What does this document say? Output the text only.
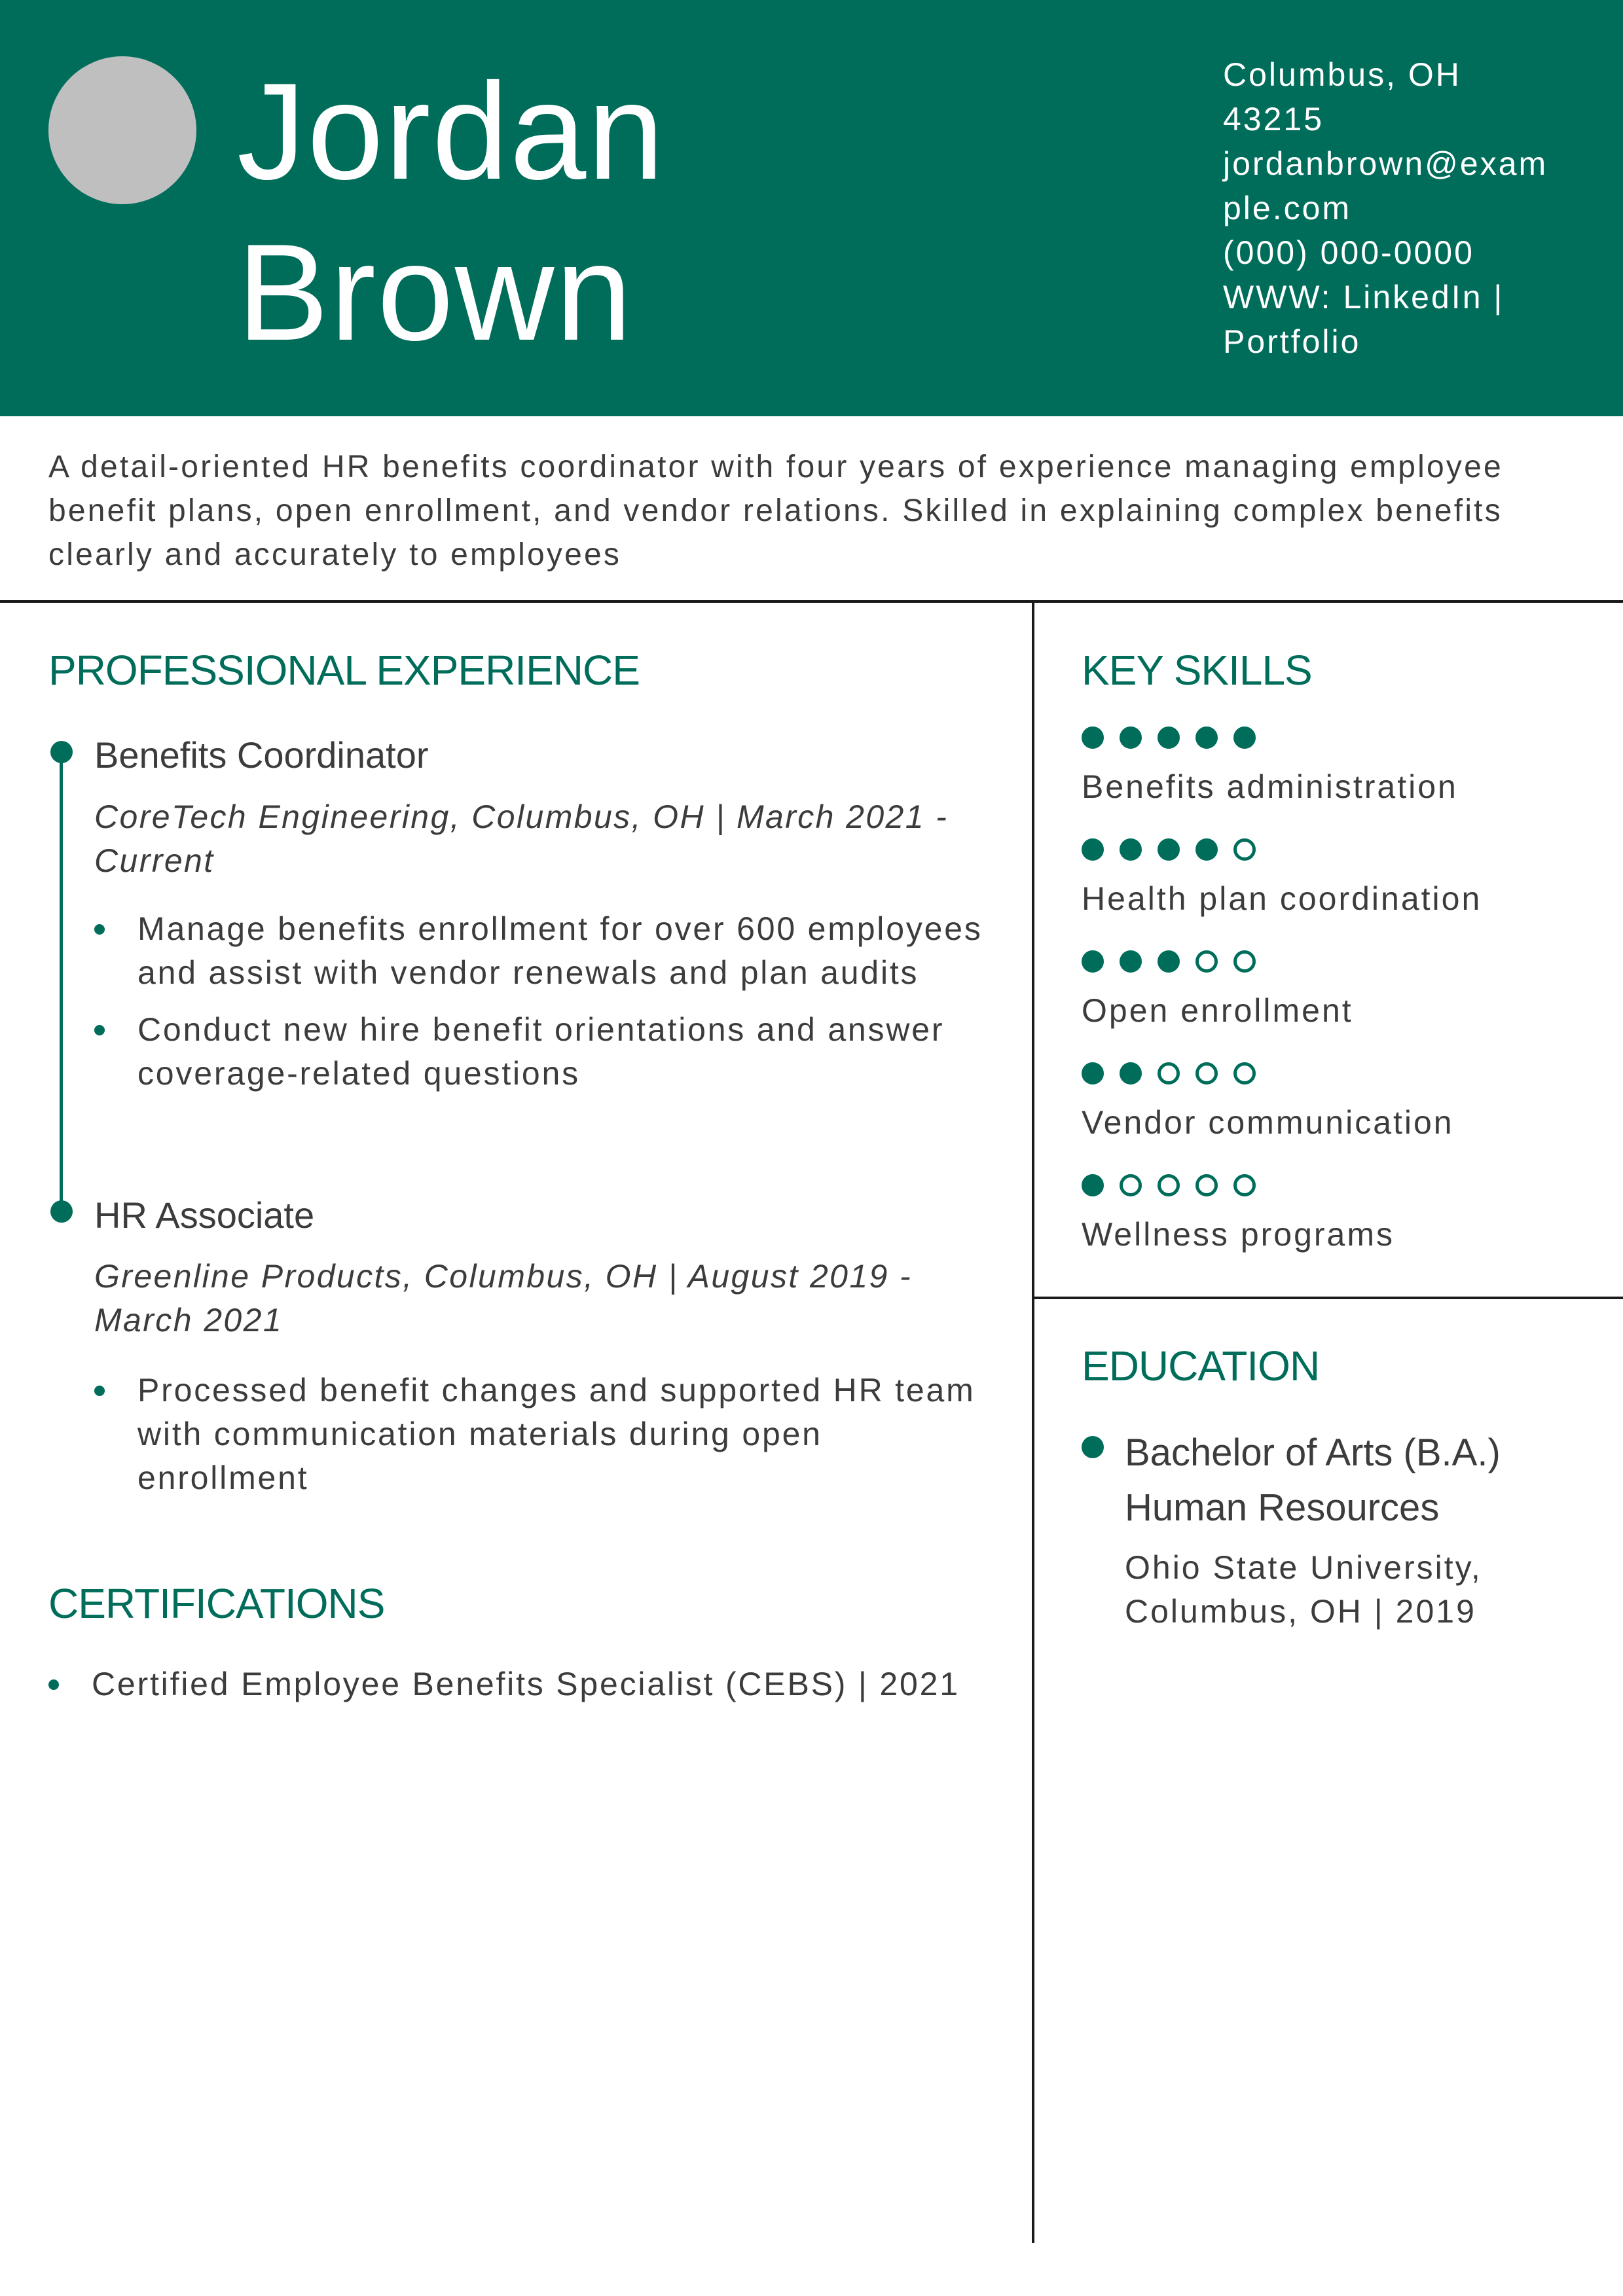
Jordan
Brown
Columbus, OH
43215
jordanbrown@example.com
(000) 000-0000
WWW: LinkedIn |
Portfolio
A detail-oriented HR benefits coordinator with four years of experience managing employee benefit plans, open enrollment, and vendor relations. Skilled in explaining complex benefits clearly and accurately to employees
PROFESSIONAL EXPERIENCE
Benefits Coordinator
CoreTech Engineering, Columbus, OH | March 2021 - Current
Manage benefits enrollment for over 600 employees and assist with vendor renewals and plan audits
Conduct new hire benefit orientations and answer coverage-related questions
HR Associate
Greenline Products, Columbus, OH | August 2019 - March 2021
Processed benefit changes and supported HR team with communication materials during open enrollment
CERTIFICATIONS
Certified Employee Benefits Specialist (CEBS) | 2021
KEY SKILLS
Benefits administration
Health plan coordination
Open enrollment
Vendor communication
Wellness programs
EDUCATION
Bachelor of Arts (B.A.)
Human Resources
Ohio State University,
Columbus, OH | 2019
